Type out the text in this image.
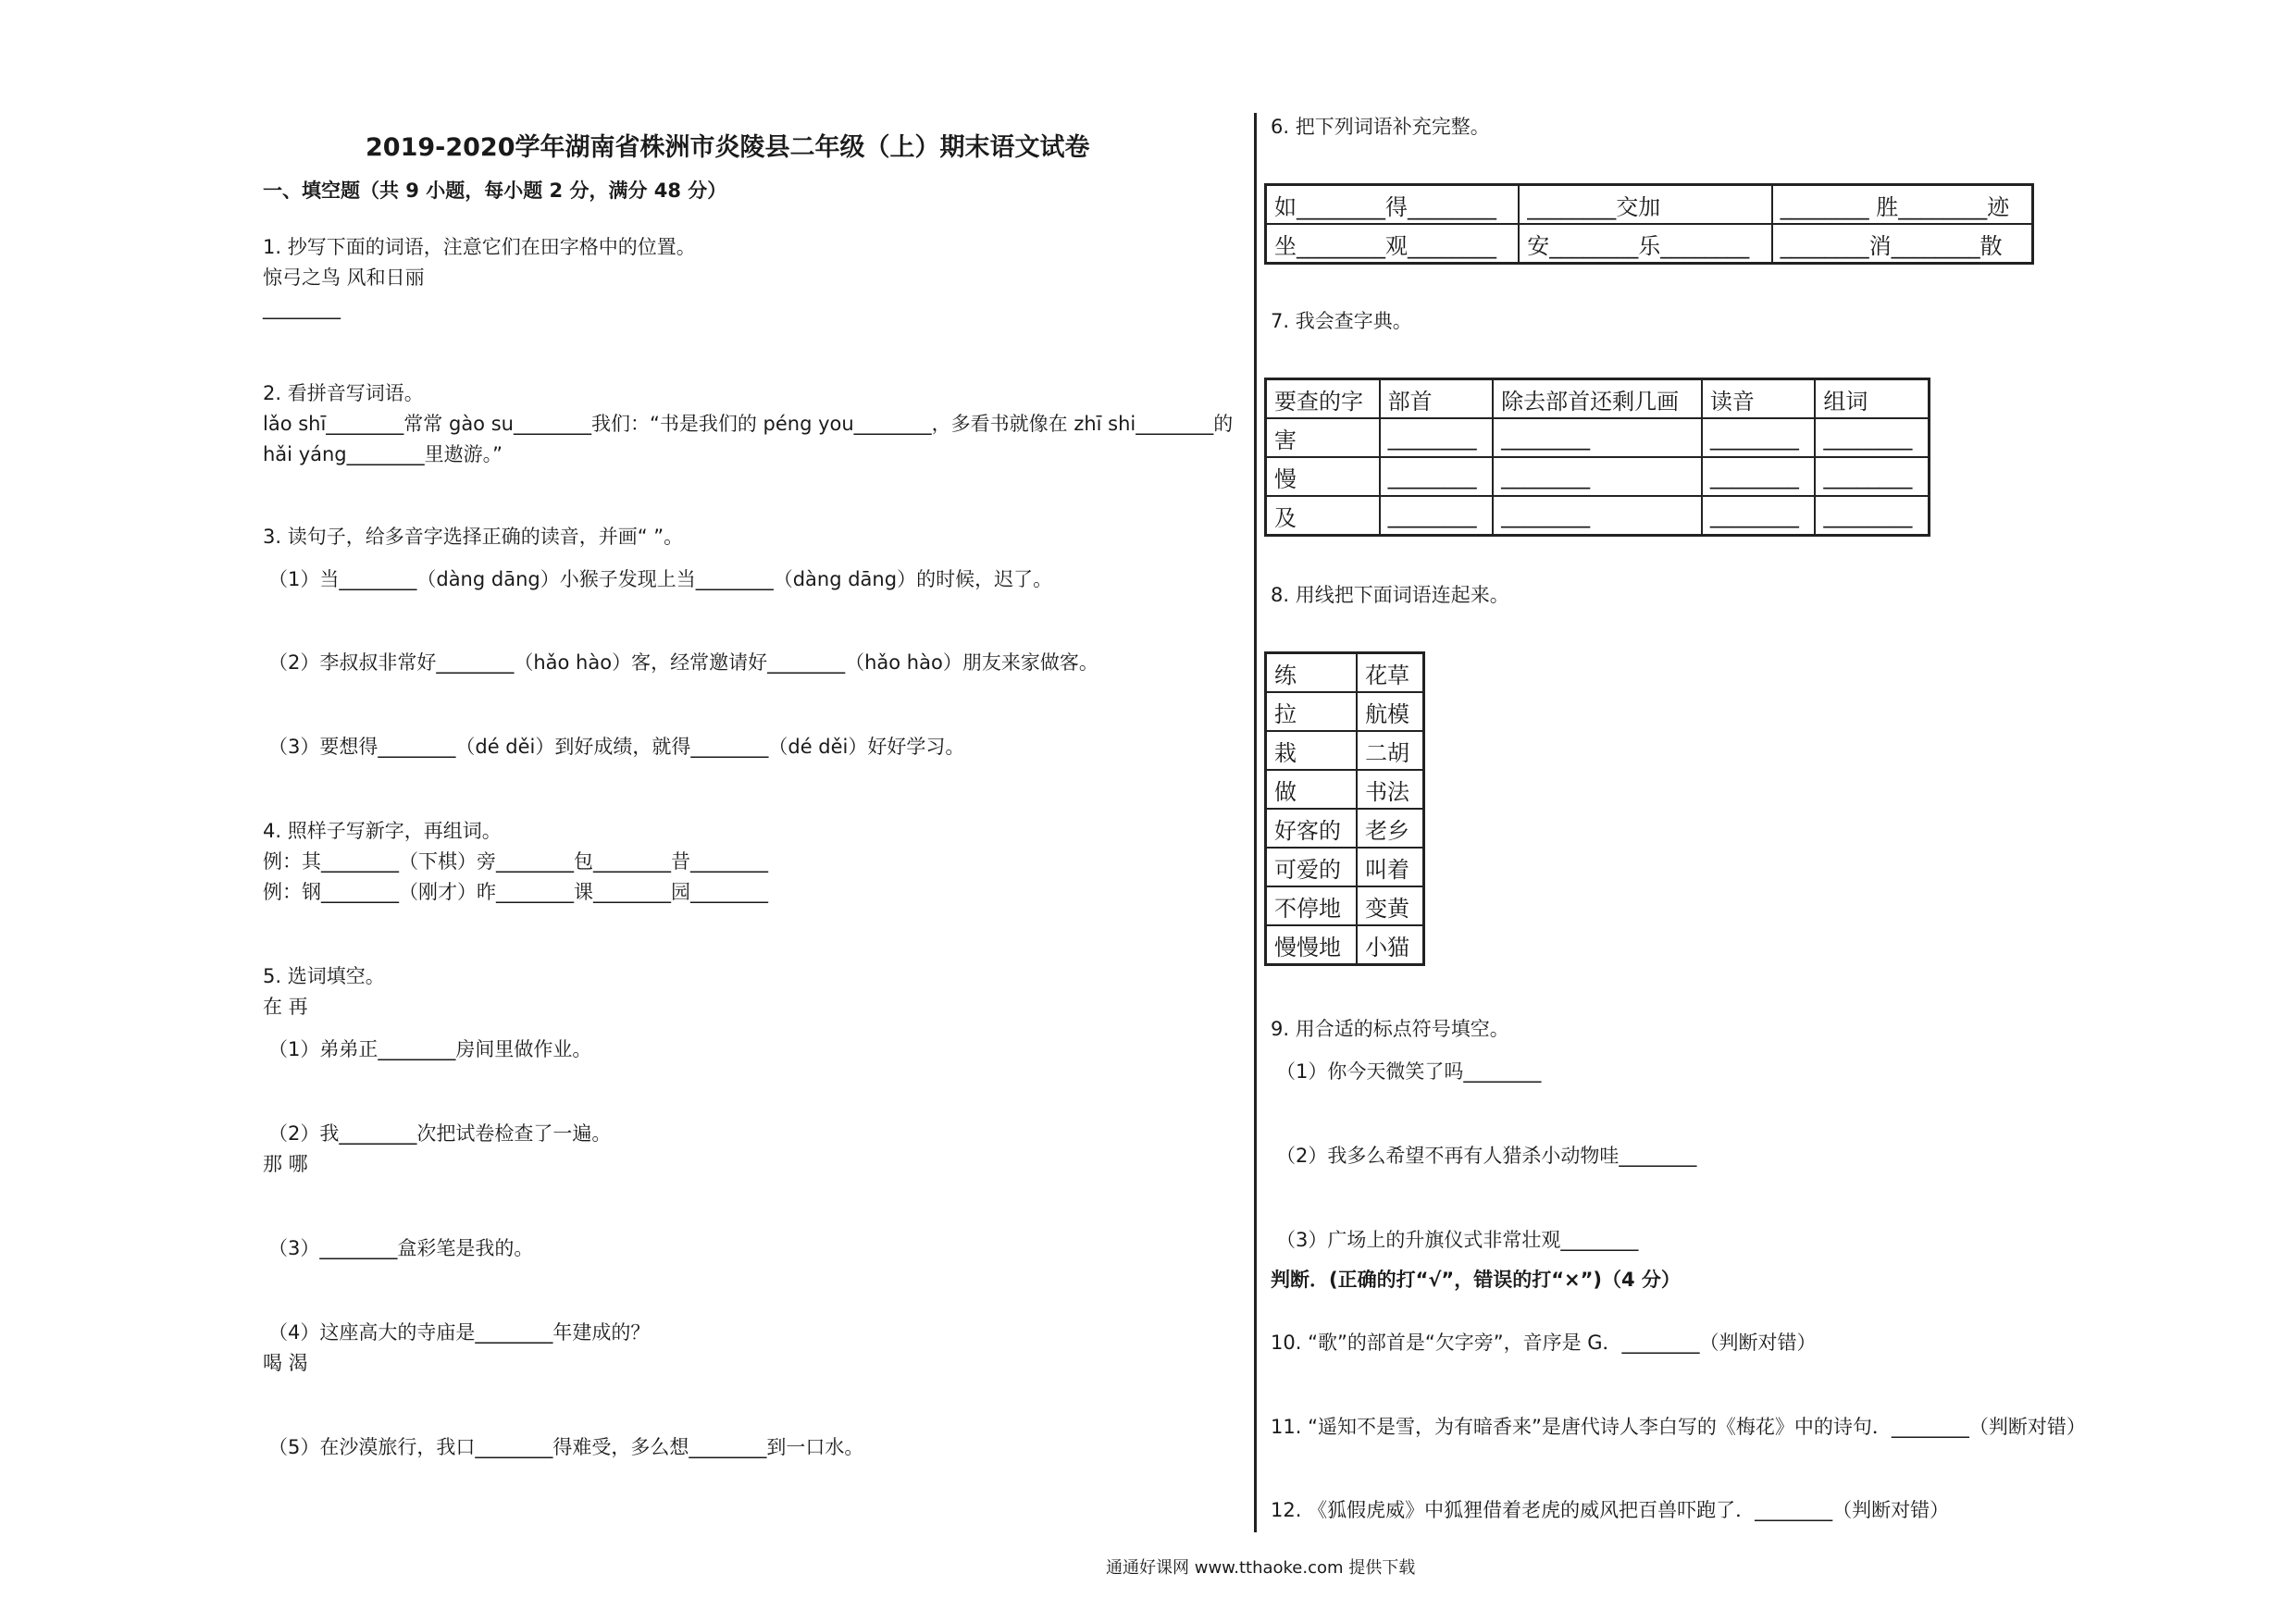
2019-2020学年湖南省株洲市炎陵县二年级（上）期末语文试卷
一、填空题（共 9 小题，每小题 2 分，满分 48 分）
1. 抄写下面的词语，注意它们在田字格中的位置。
惊弓之鸟 风和日丽
________
2. 看拼音写词语。
lǎo shī________常常 gào su________我们：“书是我们的 péng you________，多看书就像在 zhī shi________的
hǎi yáng________里遨游。”
3. 读句子，给多音字选择正确的读音，并画“ ”。
（1）当________（dàng dāng）小猴子发现上当________（dàng dāng）的时候，迟了。
（2）李叔叔非常好________（hǎo hào）客，经常邀请好________（hǎo hào）朋友来家做客。
（3）要想得________（dé děi）到好成绩，就得________（dé děi）好好学习。
4. 照样子写新字，再组词。
例：其________（下棋）旁________包________昔________
例：钢________（刚才）昨________课________园________
5. 选词填空。
在 再
（1）弟弟正________房间里做作业。
（2）我________次把试卷检查了一遍。
那 哪
（3）________盒彩笔是我的。
（4）这座高大的寺庙是________年建成的？
喝 渴
（5）在沙漠旅行，我口________得难受，多么想________到一口水。
6. 把下列词语补充完整。
如________得________	________交加	________ 胜________迹
坐________观________	安________乐________	________消________散
7. 我会查字典。
要查的字	部首	除去部首还剩几画	读音	组词
害	________	________	________	________
慢	________	________	________	________
及	________	________	________	________
8. 用线把下面词语连起来。
练	花草
拉	航模
栽	二胡
做	书法
好客的	老乡
可爱的	叫着
不停地	变黄
慢慢地	小猫
9. 用合适的标点符号填空。
（1）你今天微笑了吗________
（2）我多么希望不再有人猎杀小动物哇________
（3）广场上的升旗仪式非常壮观________
判断．(正确的打“√”，错误的打“×”)（4 分）
10. “歌”的部首是“欠字旁”，音序是 G．________（判断对错）
11. “遥知不是雪，为有暗香来”是唐代诗人李白写的《梅花》中的诗句．________（判断对错）
12. 《狐假虎威》中狐狸借着老虎的威风把百兽吓跑了．________（判断对错）
通通好课网 www.tthaoke.com 提供下载
